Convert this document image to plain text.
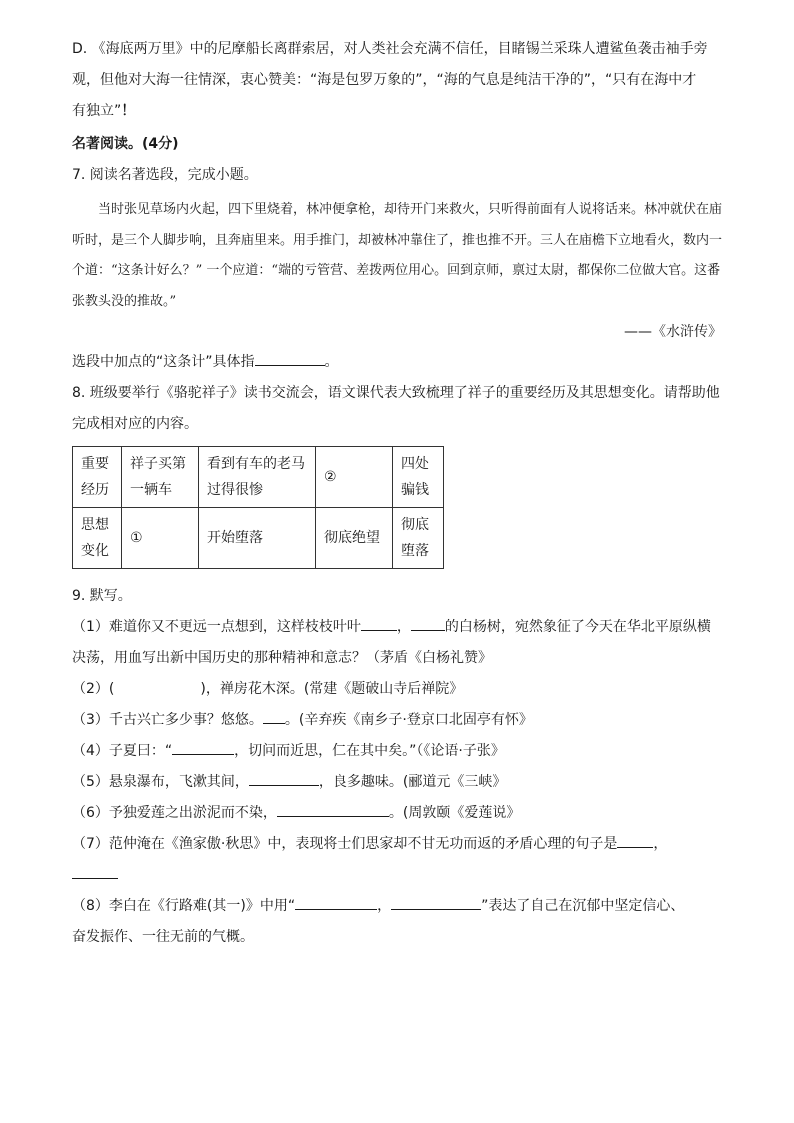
D. 《海底两万里》中的尼摩船长离群索居，对人类社会充满不信任，目睹锡兰采珠人遭鲨鱼袭击袖手旁

观，但他对大海一往情深，衷心赞美：“海是包罗万象的”，“海的气息是纯洁干净的”，“只有在海中才

有独立”！

名著阅读。(4分)

7. 阅读名著选段，完成小题。

当时张见草场内火起，四下里烧着，林冲便拿枪，却待开门来救火，只听得前面有人说将话来。林冲就伏在庙听时，是三个人脚步响，且奔庙里来。用手推门，却被林冲靠住了，推也推不开。三人在庙檐下立地看火，数内一个道：“这条计好么？” 一个应道：“端的亏管营、差拨两位用心。回到京师，禀过太尉，都保你二位做大官。这番张教头没的推故。”

——《水浒传》

选段中加点的“这条计”具体指	。

8. 班级要举行《骆驼祥子》读书交流会，语文课代表大致梳理了祥子的重要经历及其思想变化。请帮助他

完成相对应的内容。

重要经历	祥子买第一辆车	看到有车的老马过得很惨	②	四处骗钱
思想变化	①	开始堕落	彻底绝望	彻底堕落

9. 默写。

（1）难道你又不更远一点想到，这样枝枝叶叶	， 的白杨树，宛然象征了今天在华北平原纵横

决荡，用血写出新中国历史的那种精神和意志？（茅盾《白杨礼赞》

（2）(	)，禅房花木深。(常建《题破山寺后禅院》

（3）千古兴亡多少事？悠悠。 。(辛弃疾《南乡子·登京口北固亭有怀》

（4）子夏曰：“	，切问而近思，仁在其中矣。”（《论语·子张》

（5）悬泉瀑布，飞漱其间，	，良多趣味。(郦道元《三峡》

（6）予独爱莲之出淤泥而不染，	。(周敦颐《爱莲说》

（7）范仲淹在《渔家傲·秋思》中，表现将士们思家却不甘无功而返的矛盾心理的句子是	，

（8）李白在《行路难(其一)》中用“	，	”表达了自己在沉郁中坚定信心、

奋发振作、一往无前的气概。
